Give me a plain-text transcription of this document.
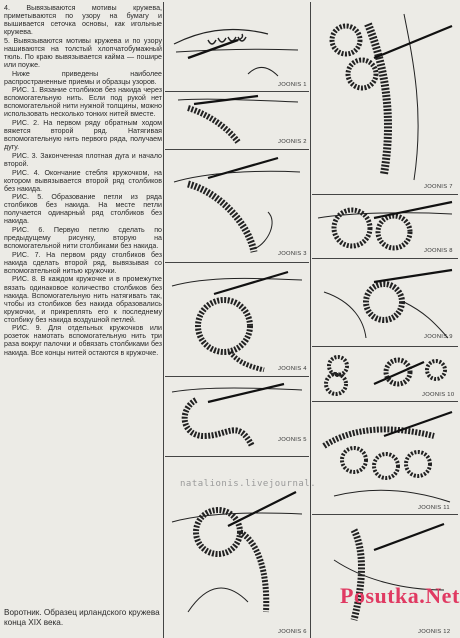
4. Вывязываются мотивы кружева, приметываются по узору на бумагу и вышивается сеточка основы, как игольные кружева.

5. Вывязываются мотивы кружева и по узору нашиваются на толстый хлопчатобумажный тюль. По краю вывязывается кайма — пошире или поуже.

Ниже приведены наиболее распространенные приемы и образцы узоров.

РИС. 1. Вязание столбиков без накида через вспомогательную нить. Если под рукой нет вспомогательной нити нужной толщины, можно использовать несколько тонких нитей вместе.

РИС. 2. На первом ряду обратным ходом вяжется второй ряд. Натягивая вспомогательную нить первого ряда, получаем дугу.

РИС. 3. Законченная плотная дуга и начало второй.

РИС. 4. Окончание стебля кружочком, на котором вывязывается второй ряд столбиков без накида.

РИС. 5. Образование петли из ряда столбиков без накида. На месте петли получается одинарный ряд столбиков без накида.

РИС. 6. Первую петлю сделать по предыдущему рисунку, вторую на вспомогательной нити столбиками без накида.

РИС. 7. На первом ряду столбиков без накида сделать второй ряд, вывязывая со вспомогательной нитью кружочки.

РИС. 8. В каждом кружочке и в промежутке вязать одинаковое количество столбиков без накида. Вспомогательную нить натягивать так, чтобы из столбиков без накида образовались кружочки, и прикреплять его к последнему столбику без накида воздушной петлей.

РИС. 9. Для отдельных кружочков или розеток намотать вспомогательную нить три раза вокруг палочки и обвязать столбиками без накида. Все концы нитей остаются в кружочке.

Воротник. Образец ирландского кружева конца XIX века.
JOONIS 1
JOONIS 2
JOONIS 3
JOONIS 4
JOONIS 5
JOONIS 6
JOONIS 7
JOONIS 8
JOONIS 9
JOONIS 10
JOONIS 11
JOONIS 12
natalionis.livejournal.
Posutka.Net
